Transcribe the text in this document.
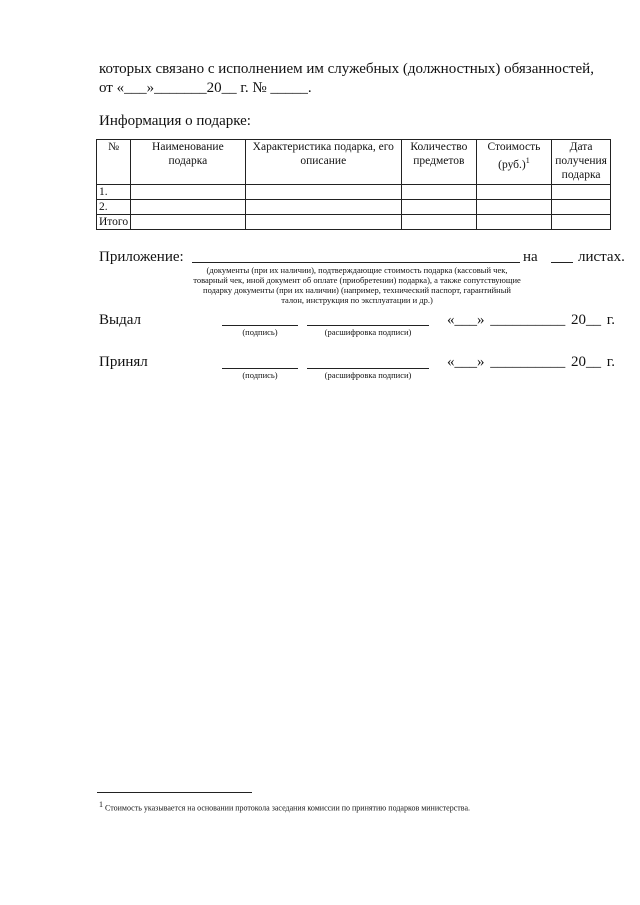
которых связано с исполнением им служебных (должностных) обязанностей,
от «___»_______20__ г. № _____.
Информация о подарке:
№	Наименование подарка	Характеристика подарка, его описание	Количество предметов	Стоимость $(руб.)^1$	Дата получения подарка
1.					
2.					
Итого					
Приложение:	на	листах.
(документы (при их наличии), подтверждающие стоимость подарка (кассовый чек, товарный чек, иной документ об оплате (приобретении) подарка), а также сопутствующие подарку документы (при их наличии) (например, технический паспорт, гарантийный талон, инструкция по эксплуатации и др.)
Выдал
(подпись)	(расшифровка подписи)
«___» __________ 20__ г.
Принял
(подпись)	(расшифровка подписи)
«___» __________ 20__ г.
$^1$ Стоимость указывается на основании протокола заседания комиссии по принятию подарков министерства.
